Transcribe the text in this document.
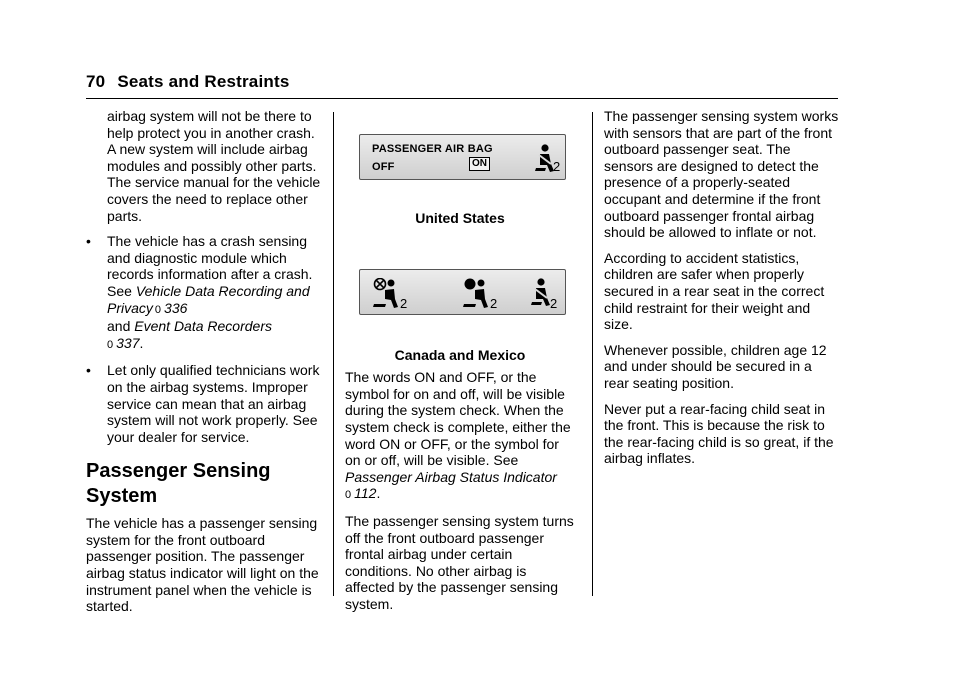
70 Seats and Restraints

airbag system will not be there to help protect you in another crash. A new system will include airbag modules and possibly other parts. The service manual for the vehicle covers the need to replace other parts.

• The vehicle has a crash sensing and diagnostic module which records information after a crash. See Vehicle Data Recording and Privacy 0 336
and Event Data Recorders
0 337.
• Let only qualified technicians work on the airbag systems. Improper service can mean that an airbag system will not work properly. See your dealer for service.
Passenger Sensing System

The vehicle has a passenger sensing system for the front outboard passenger position. The passenger airbag status indicator will light on the instrument panel when the vehicle is started.

PASSENGER AIR BAG
OFF	ON	2

United States

2	2	2

Canada and Mexico

The words ON and OFF, or the symbol for on and off, will be visible during the system check. When the system check is complete, either the word ON or OFF, or the symbol for on or off, will be visible. See Passenger Airbag Status Indicator
0 112.

The passenger sensing system turns off the front outboard passenger frontal airbag under certain conditions. No other airbag is affected by the passenger sensing system.

The passenger sensing system works with sensors that are part of the front outboard passenger seat. The sensors are designed to detect the presence of a properly-seated occupant and determine if the front outboard passenger frontal airbag should be allowed to inflate or not.

According to accident statistics, children are safer when properly secured in a rear seat in the correct child restraint for their weight and size.

Whenever possible, children age 12 and under should be secured in a rear seating position.

Never put a rear-facing child seat in the front. This is because the risk to the rear-facing child is so great, if the airbag inflates.
